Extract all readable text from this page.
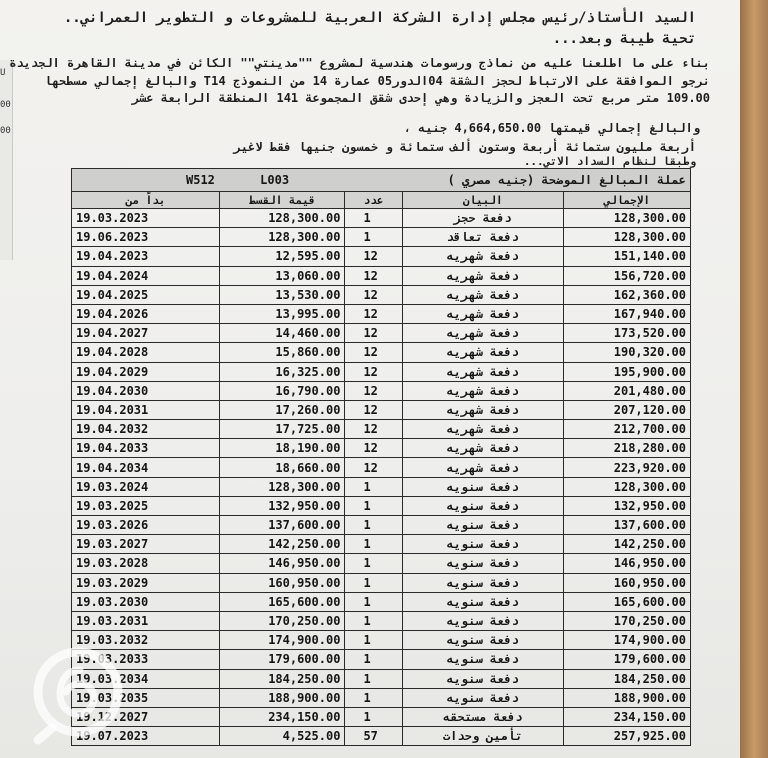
U
00
00
السيد الأستاذ/رئيس مجلس إدارة الشركة العربية للمشروعات و التطوير العمراني..
تحية طيبة وبعد...
بناء على ما اطلعنا عليه من نماذج ورسومات هندسية لمشروع ""مدينتي"" الكائن في مدينة القاهرة الجديدة
نرجو الموافقة على الارتباط لحجز الشقة 04الدور05 عمارة 14 من النموذج T14 والبالغ إجمالي مسطحها
109.00 متر مربع تحت العجز والزيادة وهي إحدى شقق المجموعة 141 المنطقة الرابعة عشر
والبالغ إجمالي قيمتها 4,664,650.00 جنيه ،
أربعة مليون ستمائة أربعة وستون ألف ستمائة و خمسون جنيها فقط لاغير
وطبقا لنظام السداد الاتي...
W512 L003 عملة المبالغ الموضحة (جنيه مصري )				

بداً من	قيمة القسط	عدد	البيان	الإجمالي
19.03.2023	128,300.00	1	دفعة حجز	128,300.00
19.06.2023	128,300.00	1	دفعة تعاقد	128,300.00
19.04.2023	12,595.00	12	دفعة شهريه	151,140.00
19.04.2024	13,060.00	12	دفعة شهريه	156,720.00
19.04.2025	13,530.00	12	دفعة شهريه	162,360.00
19.04.2026	13,995.00	12	دفعة شهريه	167,940.00
19.04.2027	14,460.00	12	دفعة شهريه	173,520.00
19.04.2028	15,860.00	12	دفعة شهريه	190,320.00
19.04.2029	16,325.00	12	دفعة شهريه	195,900.00
19.04.2030	16,790.00	12	دفعة شهريه	201,480.00
19.04.2031	17,260.00	12	دفعة شهريه	207,120.00
19.04.2032	17,725.00	12	دفعة شهريه	212,700.00
19.04.2033	18,190.00	12	دفعة شهريه	218,280.00
19.04.2034	18,660.00	12	دفعة شهريه	223,920.00
19.03.2024	128,300.00	1	دفعة سنويه	128,300.00
19.03.2025	132,950.00	1	دفعة سنويه	132,950.00
19.03.2026	137,600.00	1	دفعة سنويه	137,600.00
19.03.2027	142,250.00	1	دفعة سنويه	142,250.00
19.03.2028	146,950.00	1	دفعة سنويه	146,950.00
19.03.2029	160,950.00	1	دفعة سنويه	160,950.00
19.03.2030	165,600.00	1	دفعة سنويه	165,600.00
19.03.2031	170,250.00	1	دفعة سنويه	170,250.00
19.03.2032	174,900.00	1	دفعة سنويه	174,900.00
19.03.2033	179,600.00	1	دفعة سنويه	179,600.00
19.03.2034	184,250.00	1	دفعة سنويه	184,250.00
19.03.2035	188,900.00	1	دفعة سنويه	188,900.00
19.12.2027	234,150.00	1	دفعة مستحقه	234,150.00
19.07.2023	4,525.00	57	تأمين وحدات	257,925.00
